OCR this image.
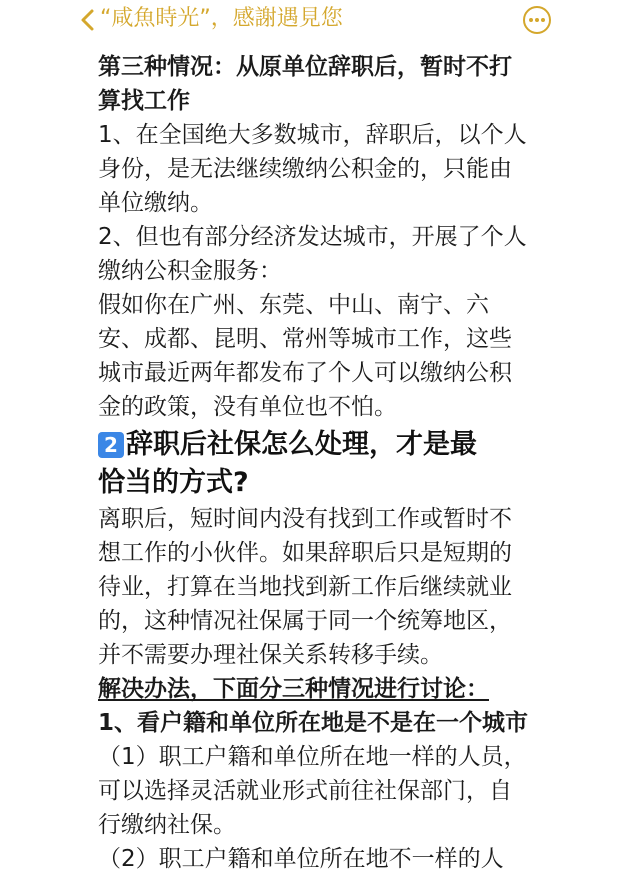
“咸魚時光”，感謝遇見您
第三种情况：从原单位辞职后，暂时不打
算找工作
1、在全国绝大多数城市，辞职后，以个人
身份，是无法继续缴纳公积金的，只能由
单位缴纳。
2、但也有部分经济发达城市，开展了个人
缴纳公积金服务：
假如你在广州、东莞、中山、南宁、六
安、成都、昆明、常州等城市工作，这些
城市最近两年都发布了个人可以缴纳公积
金的政策，没有单位也不怕。
2 辞职后社保怎么处理，才是最
恰当的方式?
离职后，短时间内没有找到工作或暂时不
想工作的小伙伴。如果辞职后只是短期的
待业，打算在当地找到新工作后继续就业
的，这种情况社保属于同一个统筹地区，
并不需要办理社保关系转移手续。
解决办法，下面分三种情况进行讨论：
1、看户籍和单位所在地是不是在一个城市
（1）职工户籍和单位所在地一样的人员，
可以选择灵活就业形式前往社保部门，自
行缴纳社保。
（2）职工户籍和单位所在地不一样的人
